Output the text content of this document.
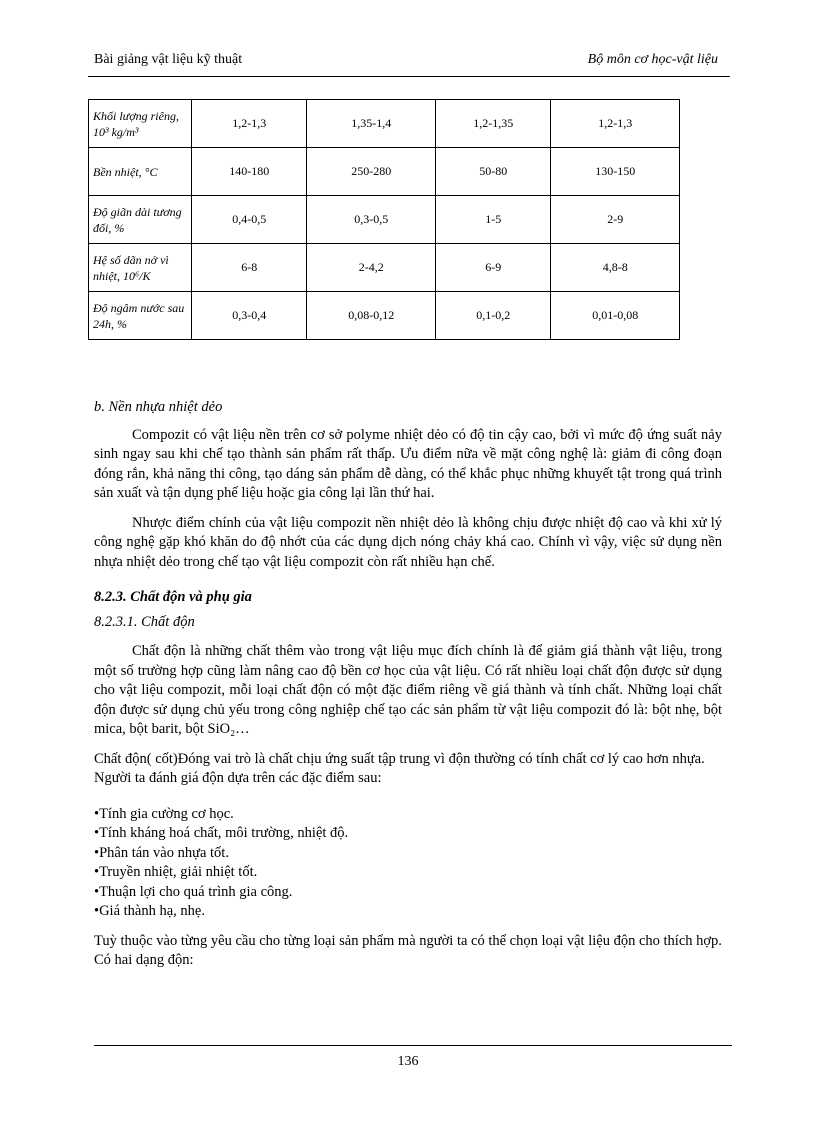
Bài giảng vật liệu kỹ thuật	Bộ môn cơ học-vật liệu
Khối lượng riêng, 10³ kg/m³	1,2-1,3	1,35-1,4	1,2-1,35	1,2-1,3
Bền nhiệt, °C	140-180	250-280	50-80	130-150
Độ giãn dài tương đối, %	0,4-0,5	0,3-0,5	1-5	2-9
Hệ số dãn nở vì nhiệt, 10⁶/K	6-8	2-4,2	6-9	4,8-8
Độ ngâm nước sau 24h, %	0,3-0,4	0,08-0,12	0,1-0,2	0,01-0,08

b. Nền nhựa nhiệt dẻo

Compozit có vật liệu nền trên cơ sở polyme nhiệt dẻo có độ tin cậy cao, bởi vì mức độ ứng suất nảy sinh ngay sau khi chế tạo thành sản phẩm rất thấp. Ưu điểm nữa về mặt công nghệ là: giảm đi công đoạn đóng rắn, khả năng thi công, tạo dáng sản phẩm dễ dàng, có thể khắc phục những khuyết tật trong quá trình sản xuất và tận dụng phế liệu hoặc gia công lại lần thứ hai.

Nhược điểm chính của vật liệu compozit nền nhiệt dẻo là không chịu được nhiệt độ cao và khi xử lý công nghệ gặp khó khăn do độ nhớt của các dụng dịch nóng chảy khá cao. Chính vì vậy, việc sử dụng nền nhựa nhiệt dẻo trong chế tạo vật liệu compozit còn rất nhiều hạn chế.

8.2.3. Chất độn và phụ gia

8.2.3.1. Chất độn

Chất độn là những chất thêm vào trong vật liệu mục đích chính là để giảm giá thành vật liệu, trong một số trường hợp cũng làm nâng cao độ bền cơ học của vật liệu. Có rất nhiều loại chất độn được sử dụng cho vật liệu compozit, mỗi loại chất độn có một đặc điểm riêng về giá thành và tính chất. Những loại chất độn được sử dụng chủ yếu trong công nghiệp chế tạo các sản phẩm từ vật liệu compozit đó là: bột nhẹ, bột mica, bột barit, bột SiO₂…

Chất độn( cốt)Đóng vai trò là chất chịu ứng suất tập trung vì độn thường có tính chất cơ lý cao hơn nhựa. Người ta đánh giá độn dựa trên các đặc điểm sau:

•Tính gia cường cơ học.
•Tính kháng hoá chất, môi trường, nhiệt độ.
•Phân tán vào nhựa tốt.
•Truyền nhiệt, giải nhiệt tốt.
•Thuận lợi cho quá trình gia công.
•Giá thành hạ, nhẹ.

Tuỳ thuộc vào từng yêu cầu cho từng loại sản phẩm mà người ta có thể chọn loại vật liệu độn cho thích hợp. Có hai dạng độn:

136
